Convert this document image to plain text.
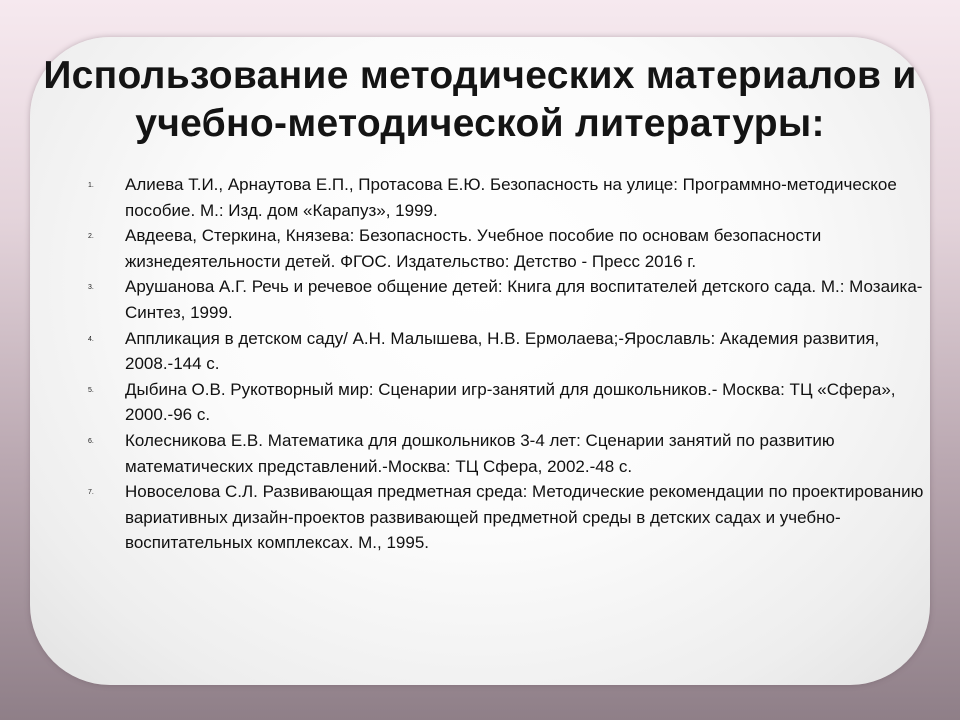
Использование методических материалов и учебно-методической литературы:
1. Алиева Т.И., Арнаутова Е.П., Протасова Е.Ю. Безопасность на улице: Программно-методическое пособие. М.: Изд. дом «Карапуз», 1999.
2. Авдеева, Стеркина, Князева: Безопасность. Учебное пособие по основам безопасности жизнедеятельности детей. ФГОС. Издательство: Детство - Пресс 2016 г.
3. Арушанова А.Г. Речь и речевое общение детей: Книга для воспитателей детского сада. М.: Мозаика-Синтез, 1999.
4. Аппликация в детском саду/ А.Н. Малышева, Н.В. Ермолаева;-Ярославль: Академия развития, 2008.-144 с.
5. Дыбина О.В. Рукотворный мир: Сценарии игр-занятий для дошкольников.- Москва: ТЦ «Сфера», 2000.-96 с.
6. Колесникова Е.В. Математика для дошкольников 3-4 лет: Сценарии занятий по развитию математических представлений.-Москва: ТЦ Сфера, 2002.-48 с.
7. Новоселова С.Л. Развивающая предметная среда: Методические рекомендации по проектированию вариативных дизайн-проектов развивающей предметной среды в детских садах и учебно-воспитательных комплексах. М., 1995.
